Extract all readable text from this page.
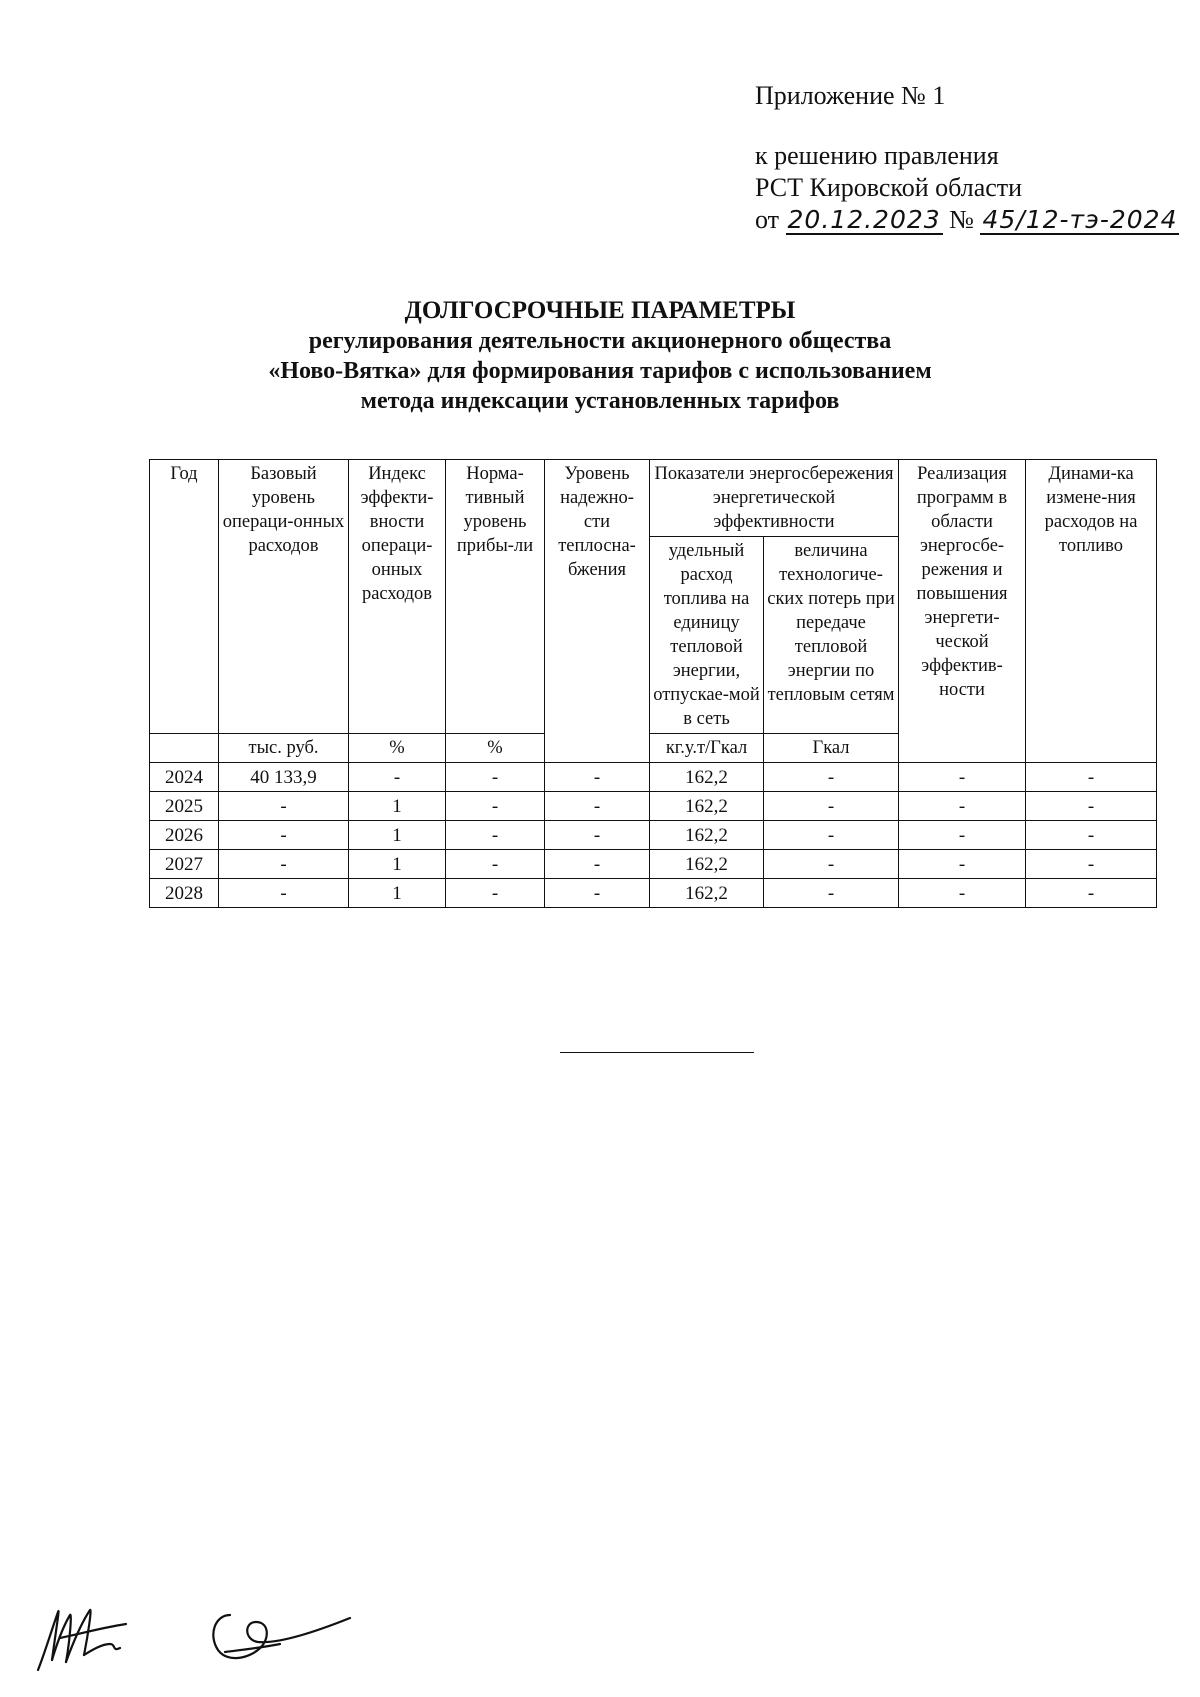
Приложение № 1
к решению правления
РСТ Кировской области
от 20.12.2023 № 45/12-тэ-2024
ДОЛГОСРОЧНЫЕ ПАРАМЕТРЫ
регулирования деятельности акционерного общества
«Ново-Вятка» для формирования тарифов с использованием
метода индексации установленных тарифов
Год	Базовый уровень операци-онных расходов	Индекс эффекти-вности операци-онных расходов	Норма-тивный уровень прибы-ли	Уровень надежно-сти теплосна-бжения	Показатели энергосбережения энергетической эффективности		Реализация программ в области энергосбе-режения и повышения энергети-ческой эффектив-ности	Динами-ка измене-ния расходов на топливо
					удельный расход топлива на единицу тепловой энергии, отпускае-мой в сеть	величина технологиче-ских потерь при передаче тепловой энергии по тепловым сетям		
	тыс. руб.	%	%		кг.у.т/Гкал	Гкал		
2024	40 133,9	-	-	-	162,2	-	-	-
2025	-	1	-	-	162,2	-	-	-
2026	-	1	-	-	162,2	-	-	-
2027	-	1	-	-	162,2	-	-	-
2028	-	1	-	-	162,2	-	-	-
